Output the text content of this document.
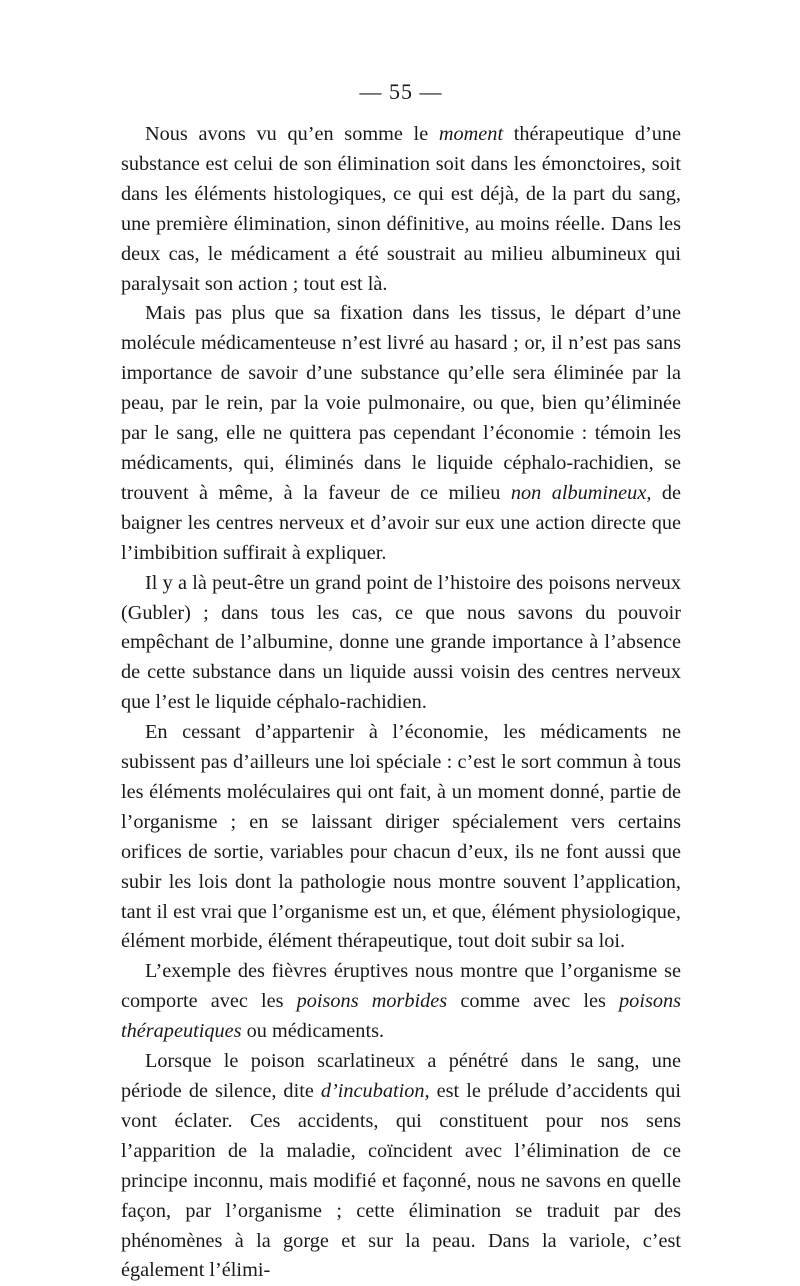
— 55 —

Nous avons vu qu’en somme le moment thérapeutique d’une substance est celui de son élimination soit dans les émonctoires, soit dans les éléments histologiques, ce qui est déjà, de la part du sang, une première élimination, sinon définitive, au moins réelle. Dans les deux cas, le médicament a été soustrait au milieu albumineux qui paralysait son action ; tout est là.

Mais pas plus que sa fixation dans les tissus, le départ d’une molécule médicamenteuse n’est livré au hasard ; or, il n’est pas sans importance de savoir d’une substance qu’elle sera éliminée par la peau, par le rein, par la voie pulmonaire, ou que, bien qu’éliminée par le sang, elle ne quittera pas cependant l’économie : témoin les médicaments, qui, éliminés dans le liquide céphalo-rachidien, se trouvent à même, à la faveur de ce milieu non albumineux, de baigner les centres nerveux et d’avoir sur eux une action directe que l’imbibition suffirait à expliquer.

Il y a là peut-être un grand point de l’histoire des poisons nerveux (Gubler) ; dans tous les cas, ce que nous savons du pouvoir empêchant de l’albumine, donne une grande importance à l’absence de cette substance dans un liquide aussi voisin des centres nerveux que l’est le liquide céphalo-rachidien.

En cessant d’appartenir à l’économie, les médicaments ne subissent pas d’ailleurs une loi spéciale : c’est le sort commun à tous les éléments moléculaires qui ont fait, à un moment donné, partie de l’organisme ; en se laissant diriger spécialement vers certains orifices de sortie, variables pour chacun d’eux, ils ne font aussi que subir les lois dont la pathologie nous montre souvent l’application, tant il est vrai que l’organisme est un, et que, élément physiologique, élément morbide, élément thérapeutique, tout doit subir sa loi.

L’exemple des fièvres éruptives nous montre que l’organisme se comporte avec les poisons morbides comme avec les poisons thérapeutiques ou médicaments.

Lorsque le poison scarlatineux a pénétré dans le sang, une période de silence, dite d’incubation, est le prélude d’accidents qui vont éclater. Ces accidents, qui constituent pour nos sens l’apparition de la maladie, coïncident avec l’élimination de ce principe inconnu, mais modifié et façonné, nous ne savons en quelle façon, par l’organisme ; cette élimination se traduit par des phénomènes à la gorge et sur la peau. Dans la variole, c’est également l’élimi-
